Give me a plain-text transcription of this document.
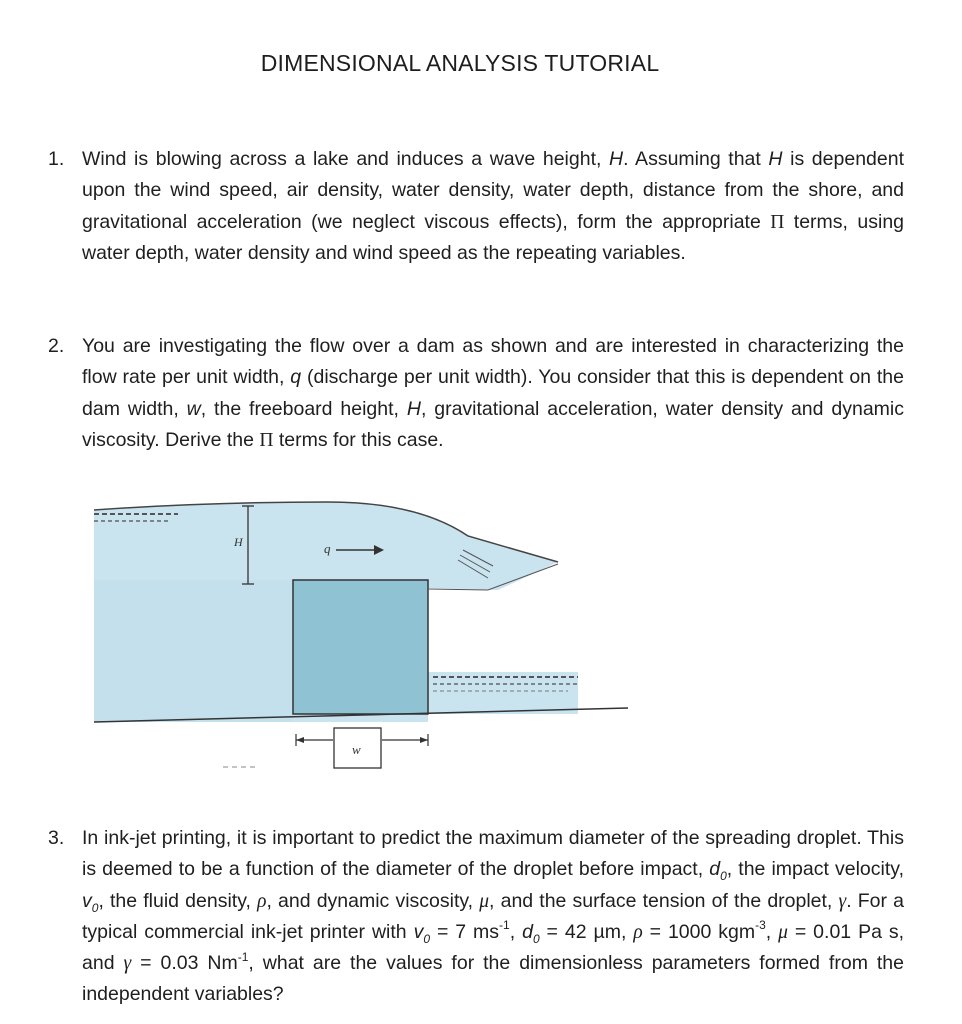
DIMENSIONAL ANALYSIS TUTORIAL
1. Wind is blowing across a lake and induces a wave height, H. Assuming that H is dependent upon the wind speed, air density, water density, water depth, distance from the shore, and gravitational acceleration (we neglect viscous effects), form the appropriate Π terms, using water depth, water density and wind speed as the repeating variables.
2. You are investigating the flow over a dam as shown and are interested in characterizing the flow rate per unit width, q (discharge per unit width). You consider that this is dependent on the dam width, w, the freeboard height, H, gravitational acceleration, water density and dynamic viscosity. Derive the Π terms for this case.
H	q
w
3. In ink-jet printing, it is important to predict the maximum diameter of the spreading droplet. This is deemed to be a function of the diameter of the droplet before impact, $d_0$, the impact velocity, $v_0$, the fluid density, ρ, and dynamic viscosity, μ, and the surface tension of the droplet, γ. For a typical commercial ink-jet printer with $v_0 = 7$ $ms^{-1}$, $d_0 = 42$ µm, ρ = 1000 kgm$^{-3}$, μ = 0.01 Pa s, and γ = 0.03 $Nm^{-1}$, what are the values for the dimensionless parameters formed from the independent variables?
